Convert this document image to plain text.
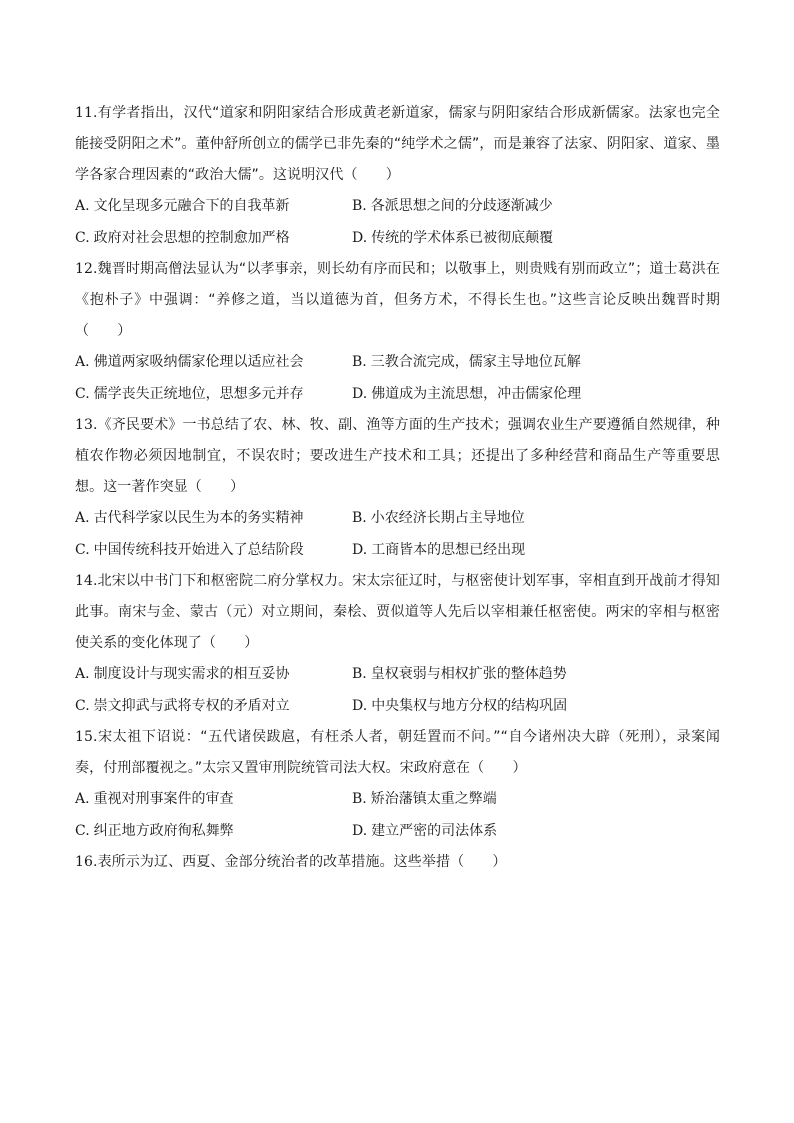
11.有学者指出，汉代“道家和阴阳家结合形成黄老新道家，儒家与阴阳家结合形成新儒家。法家也完全能接受阴阳之术”。董仲舒所创立的儒学已非先秦的“纯学术之儒”，而是兼容了法家、阴阳家、道家、墨学各家合理因素的“政治大儒”。这说明汉代（　　）

A. 文化呈现多元融合下的自我革新	B. 各派思想之间的分歧逐渐减少
C. 政府对社会思想的控制愈加严格	D. 传统的学术体系已被彻底颠覆

12.魏晋时期高僧法显认为“以孝事亲，则长幼有序而民和；以敬事上，则贵贱有别而政立”；道士葛洪在《抱朴子》中强调：“养修之道，当以道德为首，但务方术，不得长生也。”这些言论反映出魏晋时期（　　）

A. 佛道两家吸纳儒家伦理以适应社会	B. 三教合流完成，儒家主导地位瓦解
C. 儒学丧失正统地位，思想多元并存	D. 佛道成为主流思想，冲击儒家伦理

13.《齐民要术》一书总结了农、林、牧、副、渔等方面的生产技术；强调农业生产要遵循自然规律，种植农作物必须因地制宜，不误农时；要改进生产技术和工具；还提出了多种经营和商品生产等重要思想。这一著作突显（　　）

A. 古代科学家以民生为本的务实精神	B. 小农经济长期占主导地位
C. 中国传统科技开始进入了总结阶段	D. 工商皆本的思想已经出现

14.北宋以中书门下和枢密院二府分掌权力。宋太宗征辽时，与枢密使计划军事，宰相直到开战前才得知此事。南宋与金、蒙古（元）对立期间，秦桧、贾似道等人先后以宰相兼任枢密使。两宋的宰相与枢密使关系的变化体现了（　　）

A. 制度设计与现实需求的相互妥协	B. 皇权衰弱与相权扩张的整体趋势
C. 崇文抑武与武将专权的矛盾对立	D. 中央集权与地方分权的结构巩固

15.宋太祖下诏说：“五代诸侯跋扈，有枉杀人者，朝廷置而不问。”“自今诸州决大辟（死刑），录案闻奏，付刑部覆视之。”太宗又置审刑院统管司法大权。宋政府意在（　　）

A. 重视对刑事案件的审查	B. 矫治藩镇太重之弊端
C. 纠正地方政府徇私舞弊	D. 建立严密的司法体系

16.表所示为辽、西夏、金部分统治者的改革措施。这些举措（　　）
